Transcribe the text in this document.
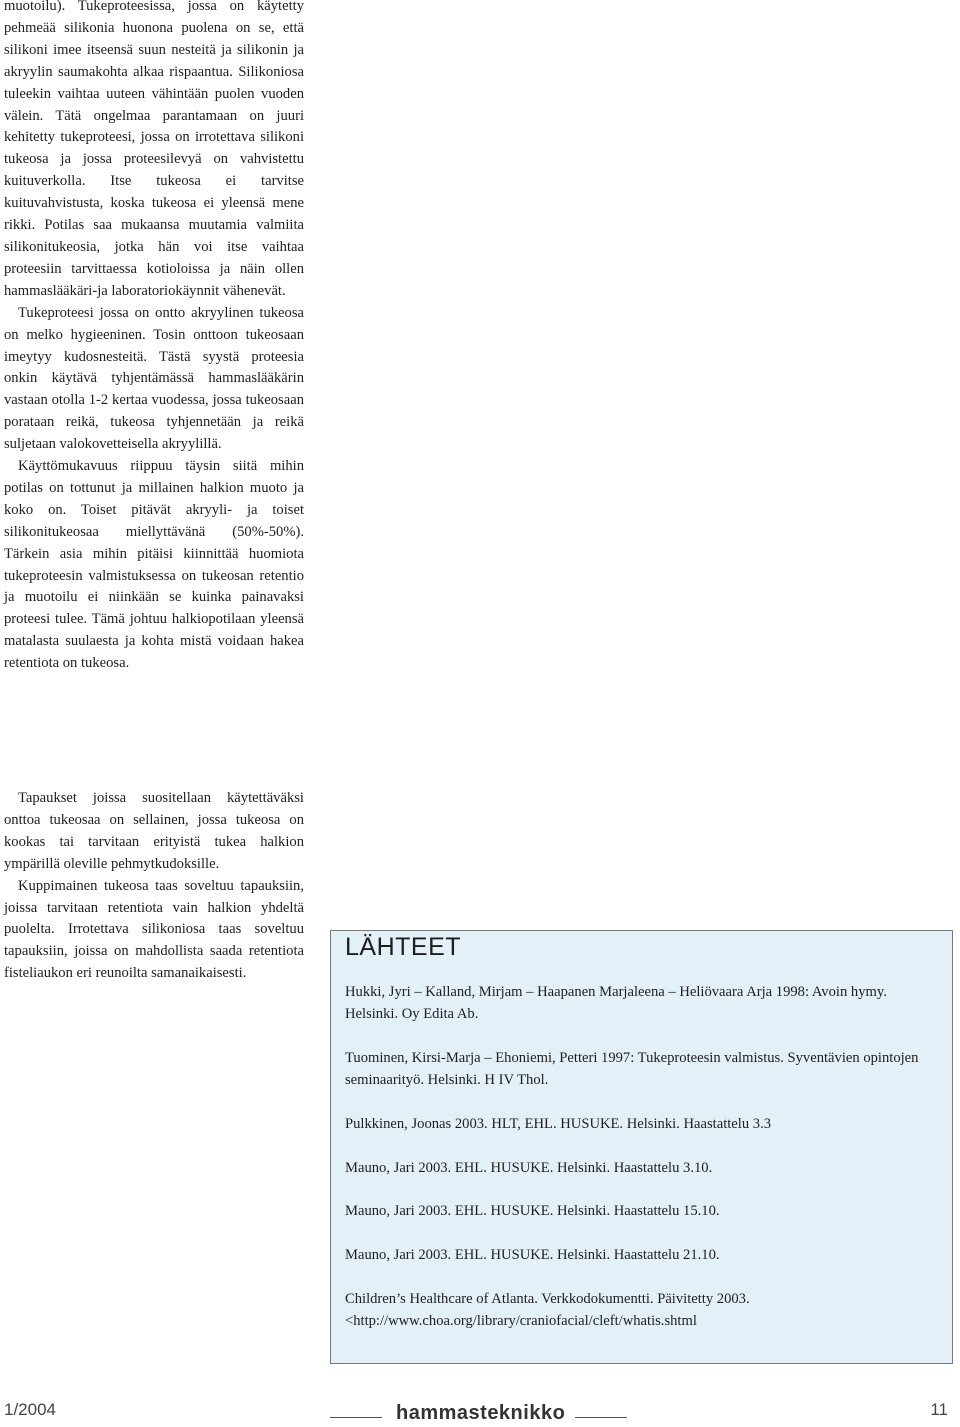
muotoilu). Tukeproteesissa, jossa on käytetty pehmeää silikonia huonona puolena on se, että silikoni imee itseensä suun nesteitä ja silikonin ja akryylin saumakohta alkaa rispaantua. Silikoniosa tuleekin vaihtaa uuteen vähintään puolen vuoden välein. Tätä ongelmaa parantamaan on juuri kehitetty tukeproteesi, jossa on irrotettava silikoni tukeosa ja jossa proteesilevyä on vahvistettu kuituverkolla. Itse tukeosa ei tarvitse kuituvahvistusta, koska tukeosa ei yleensä mene rikki. Potilas saa mukaansa muutamia valmiita silikonitukeosia, jotka hän voi itse vaihtaa proteesiin tarvittaessa kotioloissa ja näin ollen hammaslääkäri-ja laboratoriokäynnit vähenevät.

Tukeproteesi jossa on ontto akryylinen tukeosa on melko hygieeninen. Tosin onttoon tukeosaan imeytyy kudosnesteitä. Tästä syystä proteesia onkin käytävä tyhjentämässä hammaslääkärin vastaan otolla 1-2 kertaa vuodessa, jossa tukeosaan porataan reikä, tukeosa tyhjennetään ja reikä suljetaan valokovetteisella akryylillä.

Käyttömukavuus riippuu täysin siitä mihin potilas on tottunut ja millainen halkion muoto ja koko on. Toiset pitävät akryyli- ja toiset silikonitukeosaa miellyttävänä (50%-50%). Tärkein asia mihin pitäisi kiinnittää huomiota tukeproteesin valmistuksessa on tukeosan retentio ja muotoilu ei niinkään se kuinka painavaksi proteesi tulee. Tämä johtuu halkiopotilaan yleensä matalasta suulaesta ja kohta mistä voidaan hakea retentiota on tukeosa.

Tapaukset joissa suositellaan käytettäväksi onttoa tukeosaa on sellainen, jossa tukeosa on kookas tai tarvitaan erityistä tukea halkion ympärillä oleville pehmytkudoksille.

Kuppimainen tukeosa taas soveltuu tapauksiin, joissa tarvitaan retentiota vain halkion yhdeltä puolelta. Irrotettava silikoniosa taas soveltuu tapauksiin, joissa on mahdollista saada retentiota fisteliaukon eri reunoilta samanaikaisesti.

LÄHTEET

Hukki, Jyri – Kalland, Mirjam – Haapanen Marjaleena – Heliövaara Arja 1998: Avoin hymy. Helsinki. Oy Edita Ab.

Tuominen, Kirsi-Marja – Ehoniemi, Petteri 1997: Tukeproteesin valmistus. Syventävien opintojen seminaarityö. Helsinki. H IV Thol.

Pulkkinen, Joonas 2003. HLT, EHL. HUSUKE. Helsinki. Haastattelu 3.3

Mauno, Jari 2003. EHL. HUSUKE. Helsinki. Haastattelu 3.10.

Mauno, Jari 2003. EHL. HUSUKE. Helsinki. Haastattelu 15.10.

Mauno, Jari 2003. EHL. HUSUKE. Helsinki. Haastattelu 21.10.

Children’s Healthcare of Atlanta. Verkkodokumentti. Päivitetty 2003. <http://www.choa.org/library/craniofacial/cleft/whatis.shtml

1/2004	hammasteknikko	11
